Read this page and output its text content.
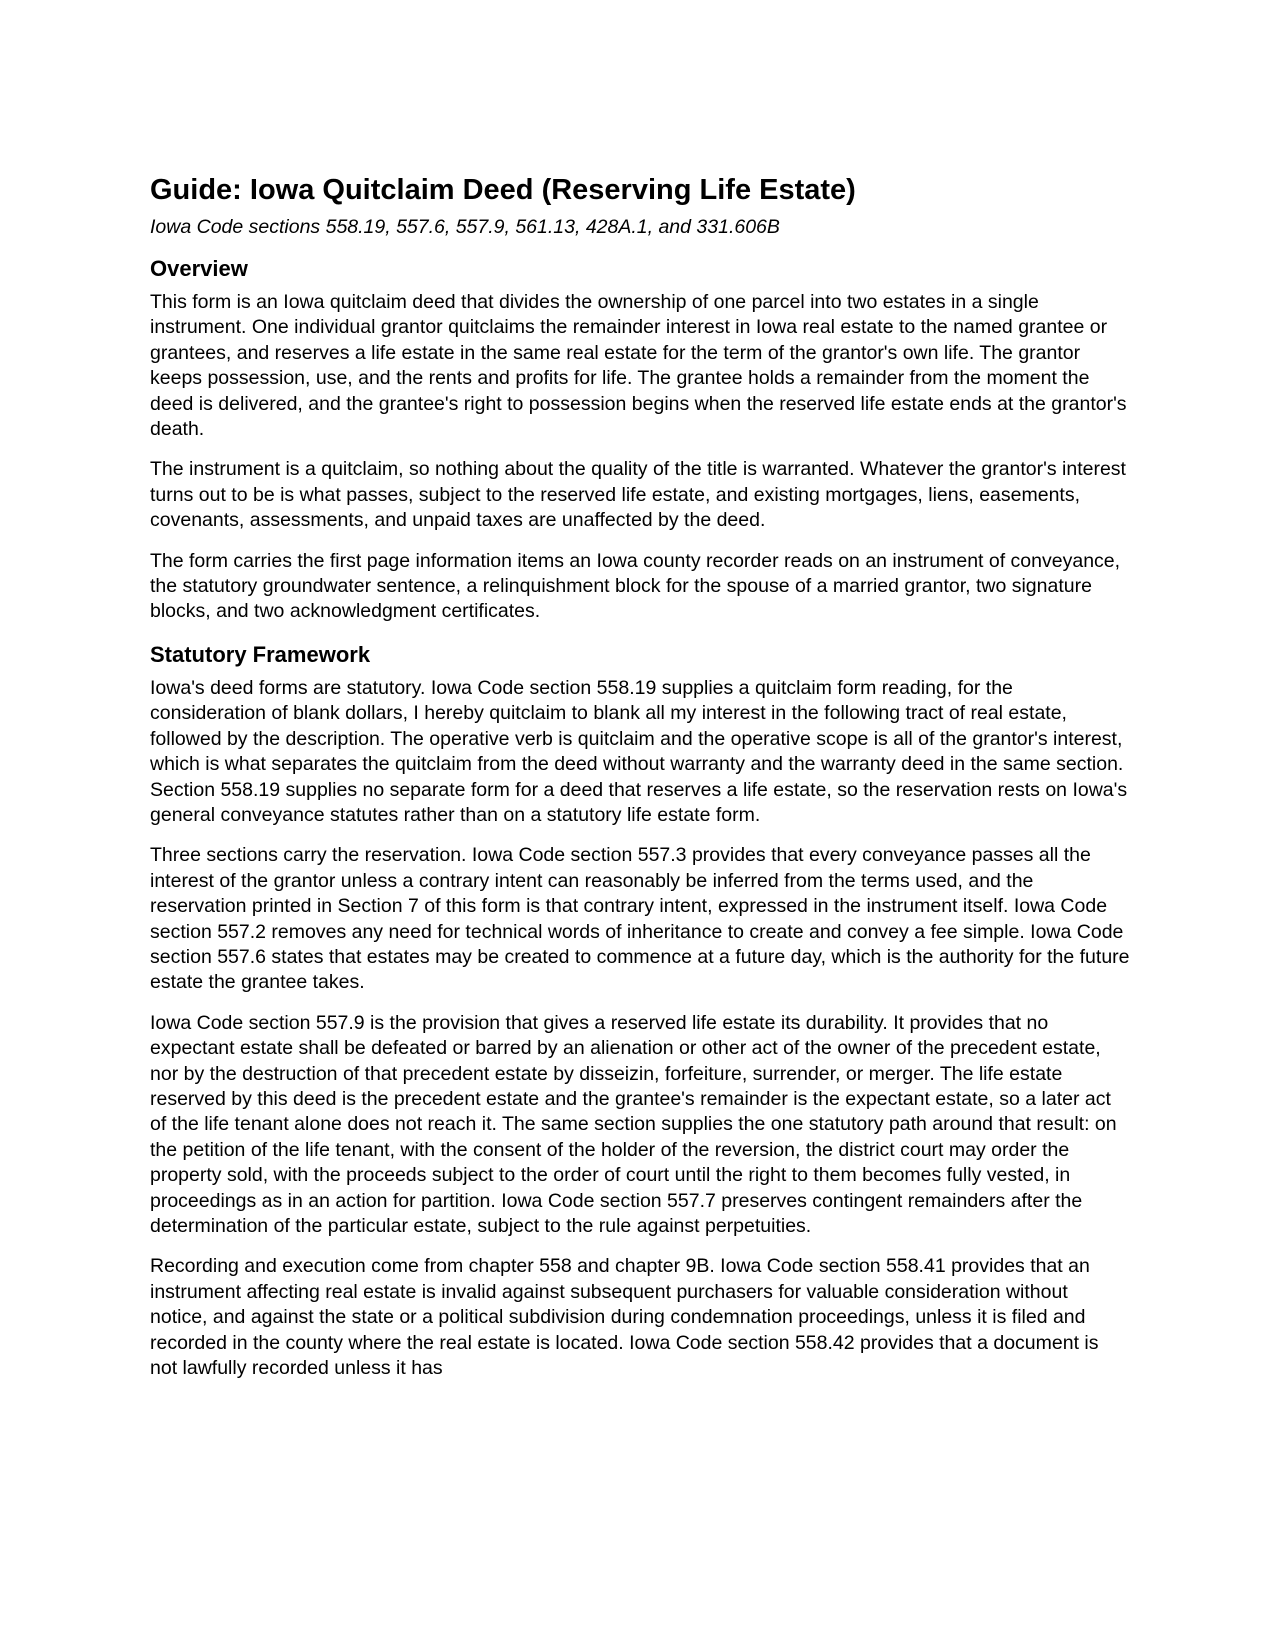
Guide: Iowa Quitclaim Deed (Reserving Life Estate)
Iowa Code sections 558.19, 557.6, 557.9, 561.13, 428A.1, and 331.606B
Overview

This form is an Iowa quitclaim deed that divides the ownership of one parcel into two estates in a single instrument. One individual grantor quitclaims the remainder interest in Iowa real estate to the named grantee or grantees, and reserves a life estate in the same real estate for the term of the grantor's own life. The grantor keeps possession, use, and the rents and profits for life. The grantee holds a remainder from the moment the deed is delivered, and the grantee's right to possession begins when the reserved life estate ends at the grantor's death.

The instrument is a quitclaim, so nothing about the quality of the title is warranted. Whatever the grantor's interest turns out to be is what passes, subject to the reserved life estate, and existing mortgages, liens, easements, covenants, assessments, and unpaid taxes are unaffected by the deed.

The form carries the first page information items an Iowa county recorder reads on an instrument of conveyance, the statutory groundwater sentence, a relinquishment block for the spouse of a married grantor, two signature blocks, and two acknowledgment certificates.

Statutory Framework

Iowa's deed forms are statutory. Iowa Code section 558.19 supplies a quitclaim form reading, for the consideration of blank dollars, I hereby quitclaim to blank all my interest in the following tract of real estate, followed by the description. The operative verb is quitclaim and the operative scope is all of the grantor's interest, which is what separates the quitclaim from the deed without warranty and the warranty deed in the same section. Section 558.19 supplies no separate form for a deed that reserves a life estate, so the reservation rests on Iowa's general conveyance statutes rather than on a statutory life estate form.

Three sections carry the reservation. Iowa Code section 557.3 provides that every conveyance passes all the interest of the grantor unless a contrary intent can reasonably be inferred from the terms used, and the reservation printed in Section 7 of this form is that contrary intent, expressed in the instrument itself. Iowa Code section 557.2 removes any need for technical words of inheritance to create and convey a fee simple. Iowa Code section 557.6 states that estates may be created to commence at a future day, which is the authority for the future estate the grantee takes.

Iowa Code section 557.9 is the provision that gives a reserved life estate its durability. It provides that no expectant estate shall be defeated or barred by an alienation or other act of the owner of the precedent estate, nor by the destruction of that precedent estate by disseizin, forfeiture, surrender, or merger. The life estate reserved by this deed is the precedent estate and the grantee's remainder is the expectant estate, so a later act of the life tenant alone does not reach it. The same section supplies the one statutory path around that result: on the petition of the life tenant, with the consent of the holder of the reversion, the district court may order the property sold, with the proceeds subject to the order of court until the right to them becomes fully vested, in proceedings as in an action for partition. Iowa Code section 557.7 preserves contingent remainders after the determination of the particular estate, subject to the rule against perpetuities.

Recording and execution come from chapter 558 and chapter 9B. Iowa Code section 558.41 provides that an instrument affecting real estate is invalid against subsequent purchasers for valuable consideration without notice, and against the state or a political subdivision during condemnation proceedings, unless it is filed and recorded in the county where the real estate is located. Iowa Code section 558.42 provides that a document is not lawfully recorded unless it has
